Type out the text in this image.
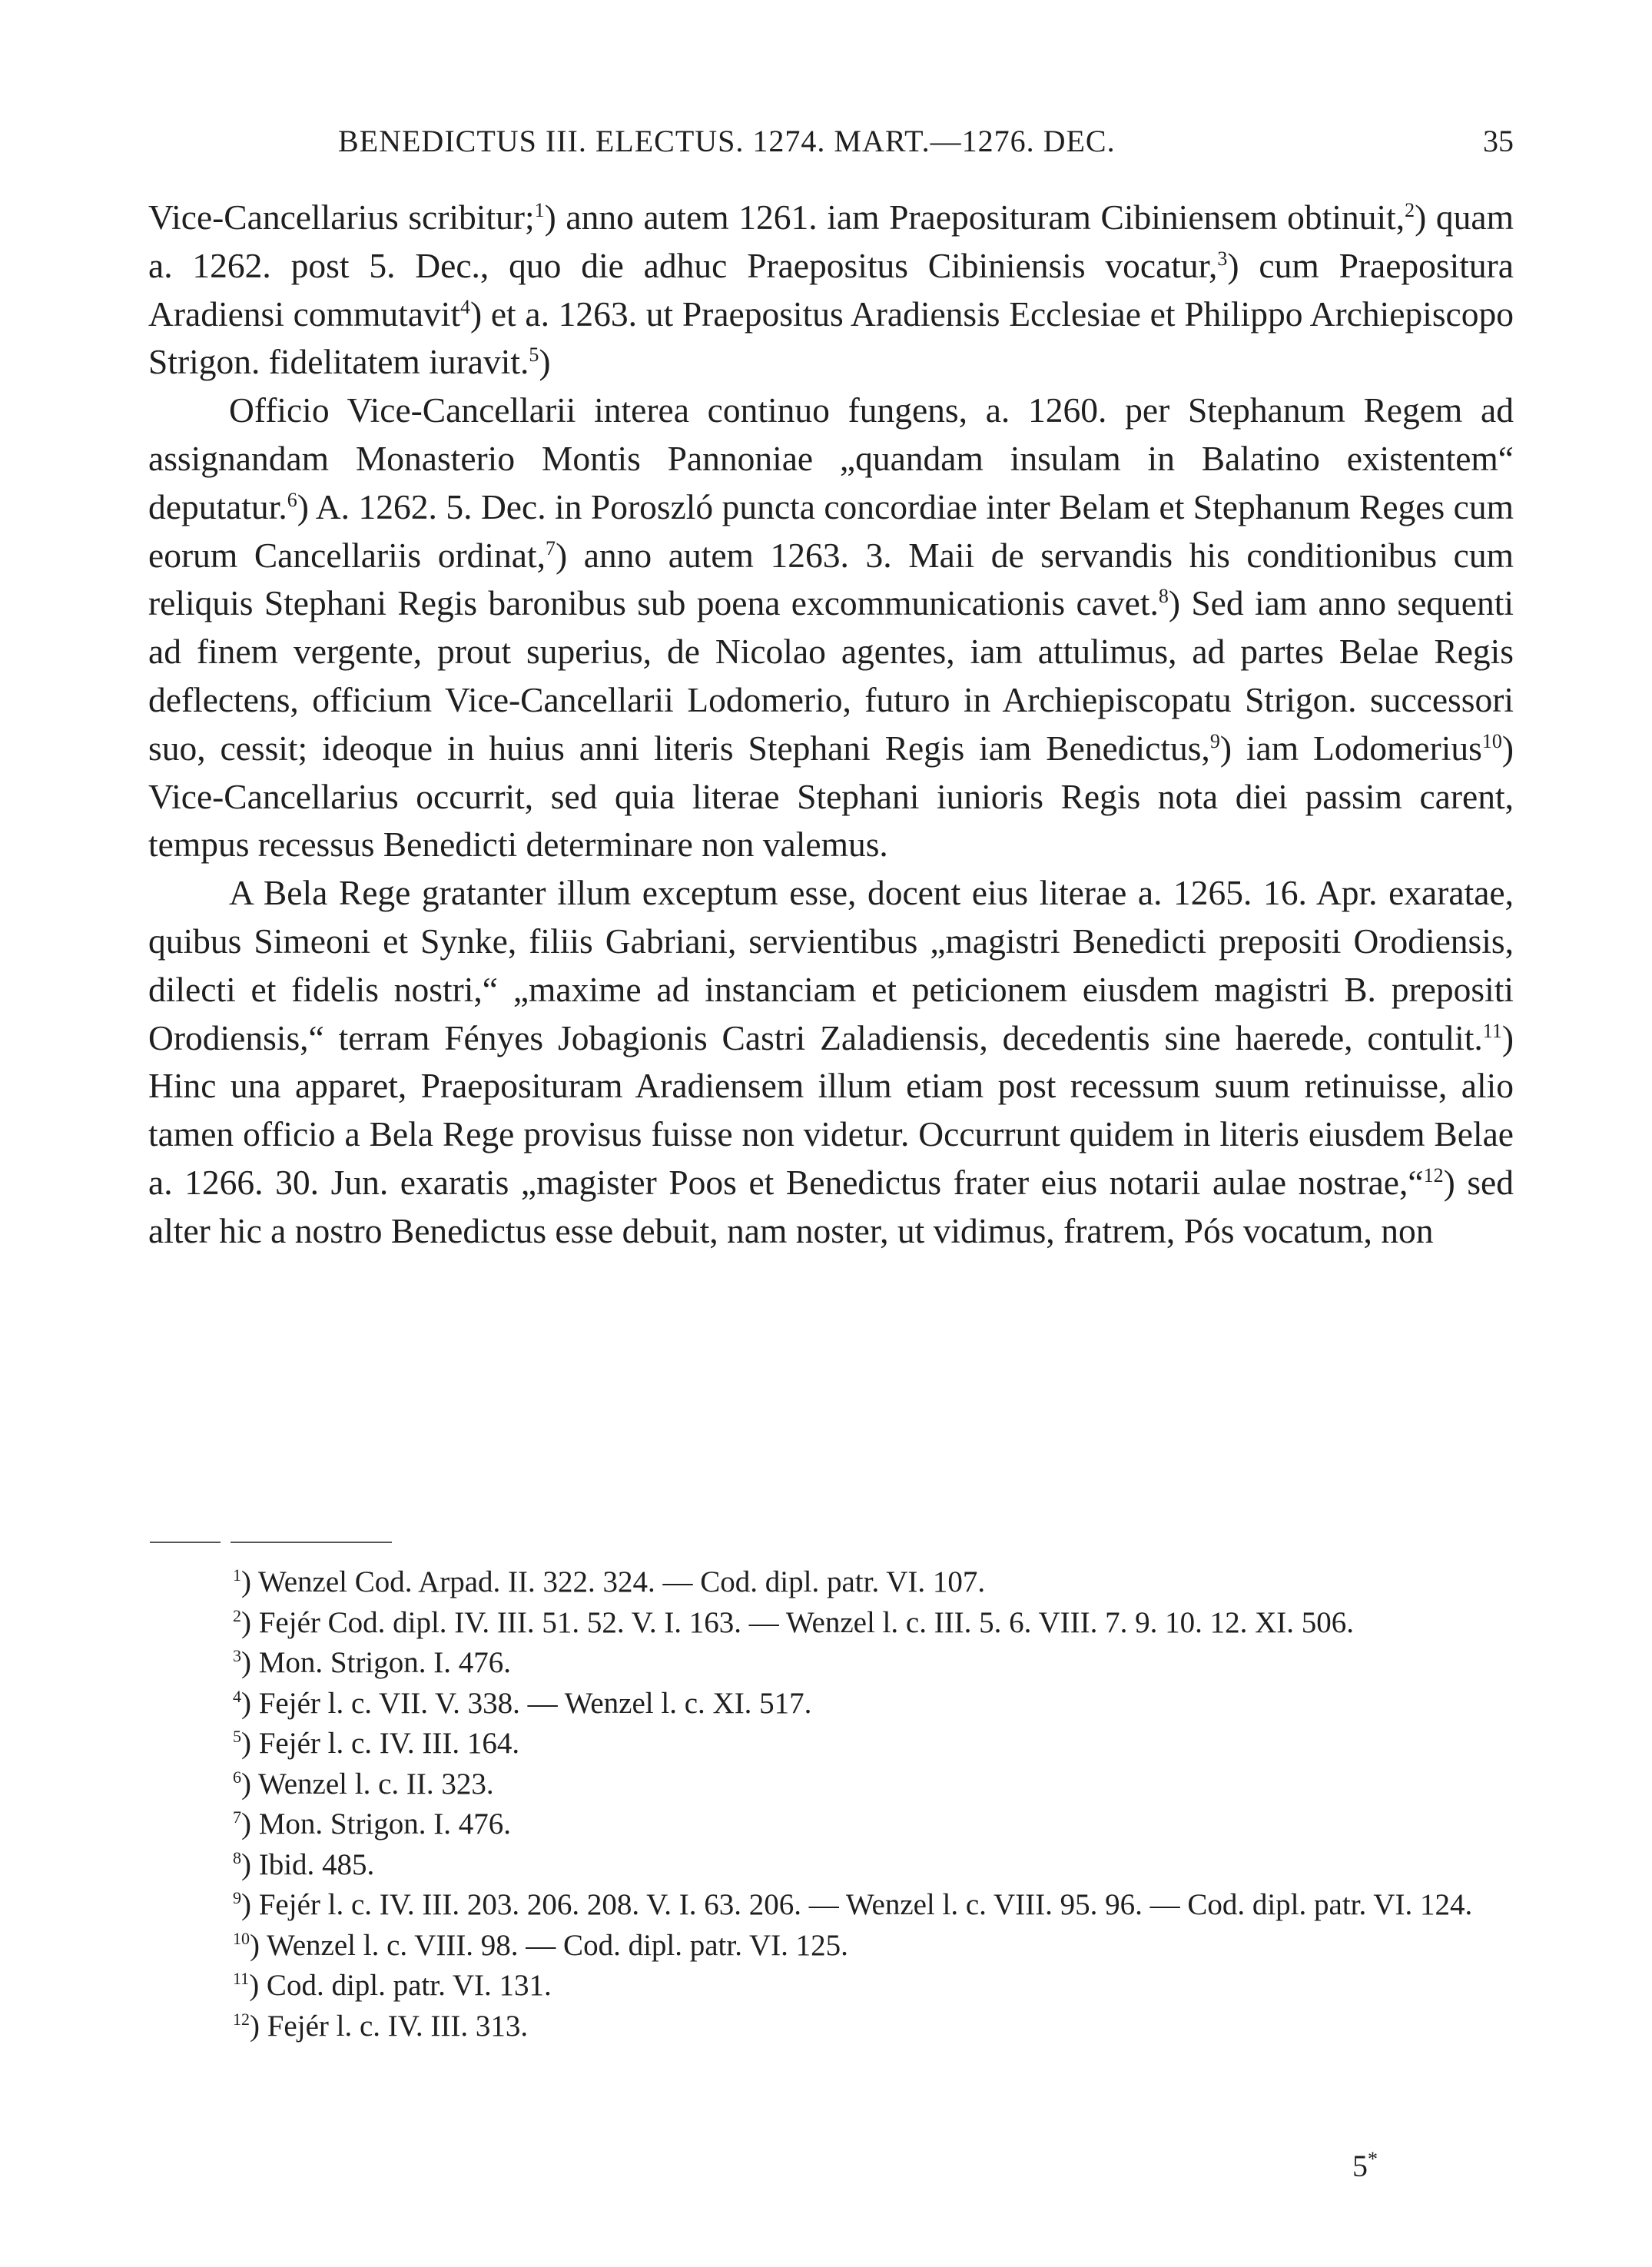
BENEDICTUS III. ELECTUS. 1274. MART.—1276. DEC.	35

Vice-Cancellarius scribitur;$^1$) anno autem 1261. iam Praeposituram Cibiniensem obtinuit,$^2$) quam a. 1262. post 5. Dec., quo die adhuc Praepositus Cibiniensis vocatur,$^3$) cum Praepositura Aradiensi commutavit$^4$) et a. 1263. ut Praepositus Aradiensis Ecclesiae et Philippo Archiepiscopo Strigon. fidelitatem iuravit.$^5$)

Officio Vice-Cancellarii interea continuo fungens, a. 1260. per Stephanum Regem ad assignandam Monasterio Montis Pannoniae „quandam insulam in Balatino existentem“ deputatur.$^6$) A. 1262. 5. Dec. in Poroszló puncta concordiae inter Belam et Stephanum Reges cum eorum Cancellariis ordinat,$^7$) anno autem 1263. 3. Maii de servandis his conditionibus cum reliquis Stephani Regis baronibus sub poena excommunicationis cavet.$^8$) Sed iam anno sequenti ad finem vergente, prout superius, de Nicolao agentes, iam attulimus, ad partes Belae Regis deflectens, officium Vice-Cancellarii Lodomerio, futuro in Archiepiscopatu Strigon. successori suo, cessit; ideoque in huius anni literis Stephani Regis iam Benedictus,$^9$) iam Lodomerius$^{10}$) Vice-Cancellarius occurrit, sed quia literae Stephani iunioris Regis nota diei passim carent, tempus recessus Benedicti determinare non valemus.

A Bela Rege gratanter illum exceptum esse, docent eius literae a. 1265. 16. Apr. exaratae, quibus Simeoni et Synke, filiis Gabriani, servientibus „magistri Benedicti prepositi Orodiensis, dilecti et fidelis nostri,“ „maxime ad instanciam et peticionem eiusdem magistri B. prepositi Orodiensis,“ terram Fényes Jobagionis Castri Zaladiensis, decedentis sine haerede, contulit.$^{11}$) Hinc una apparet, Praeposituram Aradiensem illum etiam post recessum suum retinuisse, alio tamen officio a Bela Rege provisus fuisse non videtur. Occurrunt quidem in literis eiusdem Belae a. 1266. 30. Jun. exaratis „magister Poos et Benedictus frater eius notarii aulae nostrae,“$^{12}$) sed alter hic a nostro Benedictus esse debuit, nam noster, ut vidimus, fratrem, Pós vocatum, non

$^1$) Wenzel Cod. Arpad. II. 322. 324. — Cod. dipl. patr. VI. 107.
$^2$) Fejér Cod. dipl. IV. III. 51. 52. V. I. 163. — Wenzel l. c. III. 5. 6. VIII. 7. 9. 10. 12. XI. 506.
$^3$) Mon. Strigon. I. 476.
$^4$) Fejér l. c. VII. V. 338. — Wenzel l. c. XI. 517.
$^5$) Fejér l. c. IV. III. 164.
$^6$) Wenzel l. c. II. 323.
$^7$) Mon. Strigon. I. 476.
$^8$) Ibid. 485.
$^9$) Fejér l. c. IV. III. 203. 206. 208. V. I. 63. 206. — Wenzel l. c. VIII. 95. 96. — Cod. dipl. patr. VI. 124.
$^{10}$) Wenzel l. c. VIII. 98. — Cod. dipl. patr. VI. 125.
$^{11}$) Cod. dipl. patr. VI. 131.
$^{12}$) Fejér l. c. IV. III. 313.
5*
